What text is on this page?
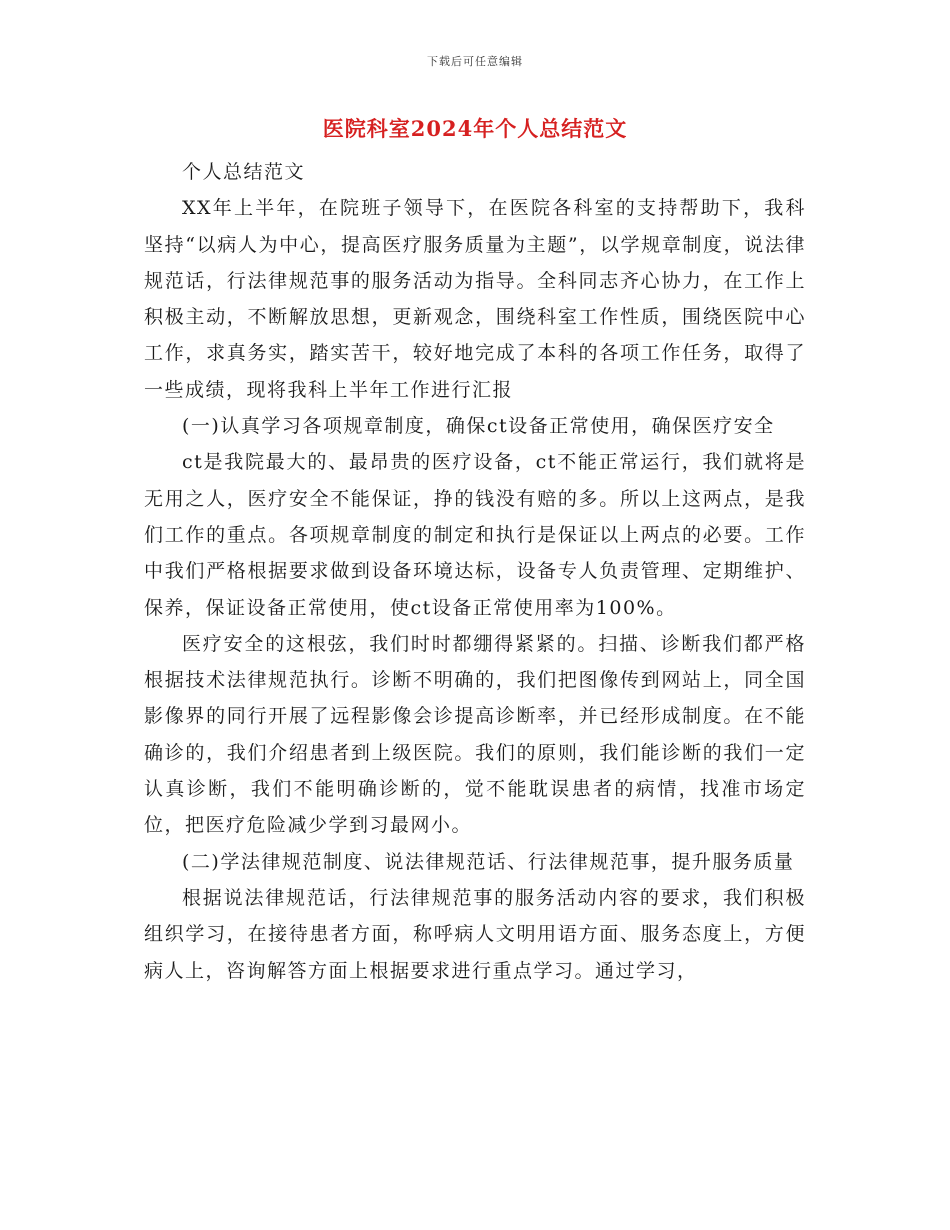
下载后可任意编辑
医院科室2024年个人总结范文

个人总结范文

XX年上半年，在院班子领导下，在医院各科室的支持帮助下，我科坚持“以病人为中心，提高医疗服务质量为主题”，以学规章制度，说法律规范话，行法律规范事的服务活动为指导。全科同志齐心协力，在工作上积极主动，不断解放思想，更新观念，围绕科室工作性质，围绕医院中心工作，求真务实，踏实苦干，较好地完成了本科的各项工作任务，取得了一些成绩，现将我科上半年工作进行汇报

(一)认真学习各项规章制度，确保ct设备正常使用，确保医疗安全

ct是我院最大的、最昂贵的医疗设备，ct不能正常运行，我们就将是无用之人，医疗安全不能保证，挣的钱没有赔的多。所以上这两点，是我们工作的重点。各项规章制度的制定和执行是保证以上两点的必要。工作中我们严格根据要求做到设备环境达标，设备专人负责管理、定期维护、保养，保证设备正常使用，使ct设备正常使用率为100%。

医疗安全的这根弦，我们时时都绷得紧紧的。扫描、诊断我们都严格根据技术法律规范执行。诊断不明确的，我们把图像传到网站上，同全国影像界的同行开展了远程影像会诊提高诊断率，并已经形成制度。在不能确诊的，我们介绍患者到上级医院。我们的原则，我们能诊断的我们一定认真诊断，我们不能明确诊断的，觉不能耽误患者的病情，找准市场定位，把医疗危险减少学到习最网小。

(二)学法律规范制度、说法律规范话、行法律规范事，提升服务质量

根据说法律规范话，行法律规范事的服务活动内容的要求，我们积极组织学习，在接待患者方面，称呼病人文明用语方面、服务态度上，方便病人上，咨询解答方面上根据要求进行重点学习。通过学习，
